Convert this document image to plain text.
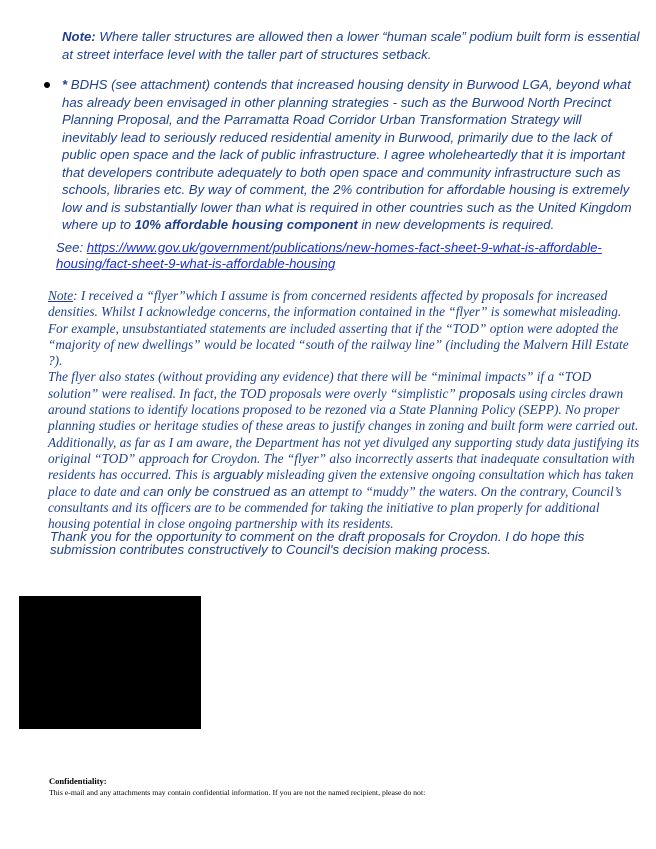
Note: Where taller structures are allowed then a lower “human scale” podium built form is essential at street interface level with the taller part of structures setback.

* BDHS (see attachment) contends that increased housing density in Burwood LGA, beyond what has already been envisaged in other planning strategies - such as the Burwood North Precinct Planning Proposal, and the Parramatta Road Corridor Urban Transformation Strategy will inevitably lead to seriously reduced residential amenity in Burwood, primarily due to the lack of public open space and the lack of public infrastructure. I agree wholeheartedly that it is important that developers contribute adequately to both open space and community infrastructure such as schools, libraries etc. By way of comment, the 2% contribution for affordable housing is extremely low and is substantially lower than what is required in other countries such as the United Kingdom where up to 10% affordable housing component in new developments is required.

See: https://www.gov.uk/government/publications/new-homes-fact-sheet-9-what-is-affordable-housing/fact-sheet-9-what-is-affordable-housing

Note: I received a “flyer”which I assume is from concerned residents affected by proposals for increased densities. Whilst I acknowledge concerns, the information contained in the “flyer” is somewhat misleading. For example, unsubstantiated statements are included asserting that if the “TOD” option were adopted the “majority of new dwellings” would be located “south of the railway line” (including the Malvern Hill Estate ?).

The flyer also states (without providing any evidence) that there will be “minimal impacts” if a “TOD solution” were realised. In fact, the TOD proposals were overly “simplistic” proposals using circles drawn around stations to identify locations proposed to be rezoned via a State Planning Policy (SEPP). No proper planning studies or heritage studies of these areas to justify changes in zoning and built form were carried out.

Additionally, as far as I am aware, the Department has not yet divulged any supporting study data justifying its original “TOD” approach for Croydon. The “flyer” also incorrectly asserts that inadequate consultation with residents has occurred. This is arguably misleading given the extensive ongoing consultation which has taken place to date and can only be construed as an attempt to “muddy” the waters. On the contrary, Council’s consultants and its officers are to be commended for taking the initiative to plan properly for additional housing potential in close ongoing partnership with its residents.

Thank you for the opportunity to comment on the draft proposals for Croydon. I do hope this submission contributes constructively to Council's decision making process.

Confidentiality:

This e-mail and any attachments may contain confidential information. If you are not the named recipient, please do not:
